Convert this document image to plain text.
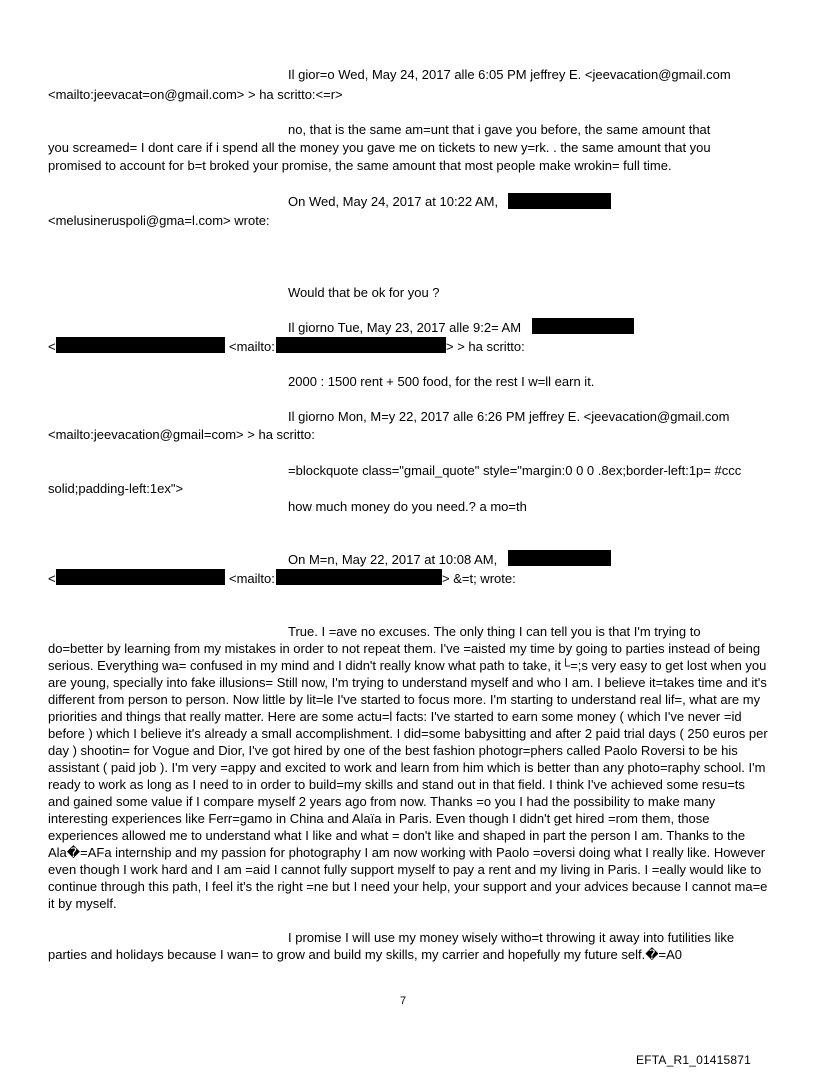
Il gior=o Wed, May 24, 2017 alle 6:05 PM jeffrey E. <jeevacation@gmail.com
<mailto:jeevacat=on@gmail.com> > ha scritto:<=r>
no, that is the same am=unt that i gave you before, the same amount that
you screamed= I dont care if i spend all the money you gave me on tickets to new y=rk. . the same amount that you
promised to account for b=t broked your promise, the same amount that most people make wrokin= full time.
On Wed, May 24, 2017 at 10:22 AM,
<melusineruspoli@gma=l.com> wrote:
Would that be ok for you ?
Il giorno Tue, May 23, 2017 alle 9:2= AM
<	<mailto:	> > ha scritto:
2000 : 1500 rent + 500 food, for the rest I w=ll earn it.
Il giorno Mon, M=y 22, 2017 alle 6:26 PM jeffrey E. <jeevacation@gmail.com
<mailto:jeevacation@gmail=com> > ha scritto:
=blockquote class="gmail_quote" style="margin:0 0 0 .8ex;border-left:1p= #ccc
solid;padding-left:1ex">
how much money do you need.? a mo=th
On M=n, May 22, 2017 at 10:08 AM,
<	<mailto:	> &=t; wrote:
True. I =ave no excuses. The only thing I can tell you is that I'm trying to
do=better by learning from my mistakes in order to not repeat them. I've =aisted my time by going to parties instead of being serious. Everything wa= confused in my mind and I didn't really know what path to take, it└=;s very easy to get lost when you are young, specially into fake illusions= Still now, I'm trying to understand myself and who I am. I believe it=takes time and it's different from person to person. Now little by lit=le I've started to focus more. I'm starting to understand real lif=, what are my priorities and things that really matter. Here are some actu=l facts: I've started to earn some money ( which I've never =id before ) which I believe it's already a small accomplishment. I did=some babysitting and after 2 paid trial days ( 250 euros per day ) shootin= for Vogue and Dior, I've got hired by one of the best fashion photogr=phers called Paolo Roversi to be his assistant ( paid job ). I'm very =appy and excited to work and learn from him which is better than any photo=raphy school. I'm ready to work as long as I need to in order to build=my skills and stand out in that field. I think I've achieved some resu=ts and gained some value if I compare myself 2 years ago from now. Thanks =o you I had the possibility to make many interesting experiences like Ferr=gamo in China and Alaïa in Paris. Even though I didn't get hired =rom them, those experiences allowed me to understand what I like and what = don't like and shaped in part the person I am. Thanks to the Ala�=AFa internship and my passion for photography I am now working with Paolo =oversi doing what I really like. However even though I work hard and I am =aid I cannot fully support myself to pay a rent and my living in Paris. I =eally would like to continue through this path, I feel it's the right =ne but I need your help, your support and your advices because I cannot ma=e it by myself.
I promise I will use my money wisely witho=t throwing it away into futilities like
parties and holidays because I wan= to grow and build my skills, my carrier and hopefully my future self.�=A0
7
EFTA_R1_01415871
